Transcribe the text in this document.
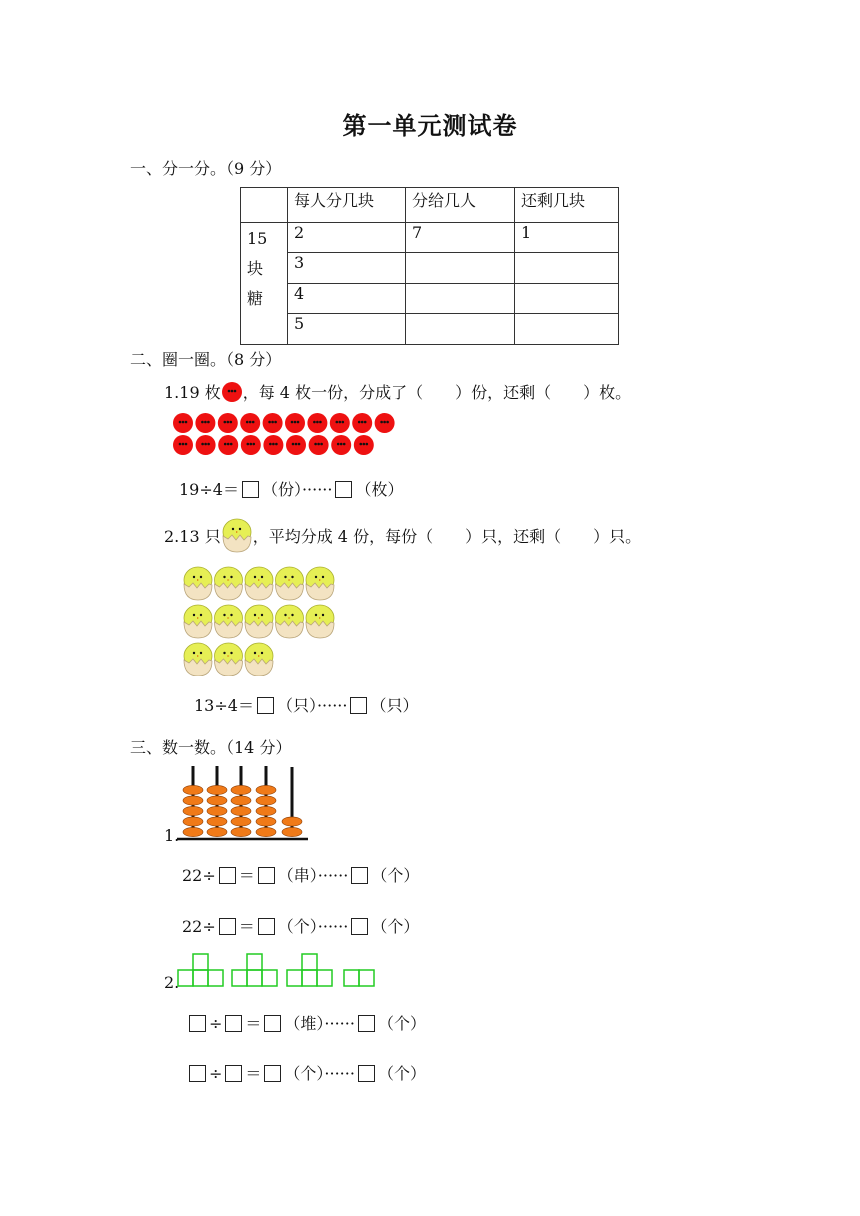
第一单元测试卷
一、分一分。（9 分）
	每人分几块	分给几人	还剩几块

15
块
糖	2	7	1
	3		
	4		
	5		
二、圈一圈。（8 分）
1.19 枚 ，每 4 枚一份，分成了（　　）份，还剩（　　）枚。
19÷4＝ （份）······ （枚）
2.13 只 ，平均分成 4 份，每份（　　）只，还剩（　　）只。
13÷4＝ （只）······ （只）
三、数一数。（14 分）
1.
22÷ ＝ （串）······ （个）
22÷ ＝ （个）······ （个）
2.
÷ ＝ （堆）······ （个）
÷ ＝ （个）······ （个）
